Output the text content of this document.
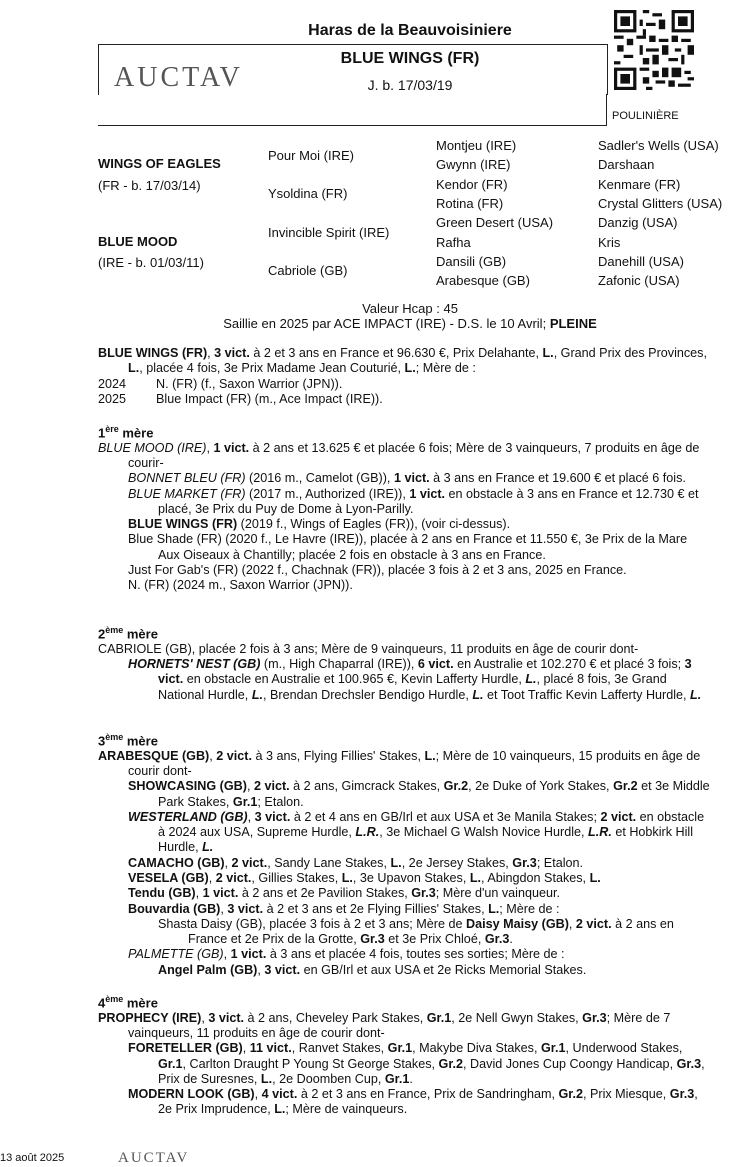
Haras de la Beauvoisiniere
AUCTAV
BLUE WINGS (FR)
J. b. 17/03/19
POULINIÈRE
WINGS OF EAGLES
(FR - b. 17/03/14)
BLUE MOOD
(IRE - b. 01/03/11)
Pour Moi (IRE)
Ysoldina (FR)
Invincible Spirit (IRE)
Cabriole (GB)
Montjeu (IRE)
Gwynn (IRE)
Kendor (FR)
Rotina (FR)
Green Desert (USA)
Rafha
Dansili (GB)
Arabesque (GB)
Sadler's Wells (USA)
Darshaan
Kenmare (FR)
Crystal Glitters (USA)
Danzig (USA)
Kris
Danehill (USA)
Zafonic (USA)
Valeur Hcap : 45
Saillie en 2025 par ACE IMPACT (IRE) - D.S. le 10 Avril; PLEINE

BLUE WINGS (FR), 3 vict. à 2 et 3 ans en France et 96.630 €, Prix Delahante, L., Grand Prix des Provinces, L., placée 4 fois, 3e Prix Madame Jean Couturié, L.; Mère de :

2024 N. (FR) (f., Saxon Warrior (JPN)).

2025 Blue Impact (FR) (m., Ace Impact (IRE)).

1ère mère

BLUE MOOD (IRE), 1 vict. à 2 ans et 13.625 € et placée 6 fois; Mère de 3 vainqueurs, 7 produits en âge de courir-

BONNET BLEU (FR) (2016 m., Camelot (GB)), 1 vict. à 3 ans en France et 19.600 € et placé 6 fois.

BLUE MARKET (FR) (2017 m., Authorized (IRE)), 1 vict. en obstacle à 3 ans en France et 12.730 € et placé, 3e Prix du Puy de Dome à Lyon-Parilly.

BLUE WINGS (FR) (2019 f., Wings of Eagles (FR)), (voir ci-dessus).

Blue Shade (FR) (2020 f., Le Havre (IRE)), placée à 2 ans en France et 11.550 €, 3e Prix de la Mare Aux Oiseaux à Chantilly; placée 2 fois en obstacle à 3 ans en France.

Just For Gab's (FR) (2022 f., Chachnak (FR)), placée 3 fois à 2 et 3 ans, 2025 en France.

N. (FR) (2024 m., Saxon Warrior (JPN)).

2ème mère

CABRIOLE (GB), placée 2 fois à 3 ans; Mère de 9 vainqueurs, 11 produits en âge de courir dont-

HORNETS' NEST (GB) (m., High Chaparral (IRE)), 6 vict. en Australie et 102.270 € et placé 3 fois; 3 vict. en obstacle en Australie et 100.965 €, Kevin Lafferty Hurdle, L., placé 8 fois, 3e Grand National Hurdle, L., Brendan Drechsler Bendigo Hurdle, L. et Toot Traffic Kevin Lafferty Hurdle, L.

3ème mère

ARABESQUE (GB), 2 vict. à 3 ans, Flying Fillies' Stakes, L.; Mère de 10 vainqueurs, 15 produits en âge de courir dont-

SHOWCASING (GB), 2 vict. à 2 ans, Gimcrack Stakes, Gr.2, 2e Duke of York Stakes, Gr.2 et 3e Middle Park Stakes, Gr.1; Etalon.

WESTERLAND (GB), 3 vict. à 2 et 4 ans en GB/Irl et aux USA et 3e Manila Stakes; 2 vict. en obstacle à 2024 aux USA, Supreme Hurdle, L.R., 3e Michael G Walsh Novice Hurdle, L.R. et Hobkirk Hill Hurdle, L.

CAMACHO (GB), 2 vict., Sandy Lane Stakes, L., 2e Jersey Stakes, Gr.3; Etalon.

VESELA (GB), 2 vict., Gillies Stakes, L., 3e Upavon Stakes, L., Abingdon Stakes, L.

Tendu (GB), 1 vict. à 2 ans et 2e Pavilion Stakes, Gr.3; Mère d'un vainqueur.

Bouvardia (GB), 3 vict. à 2 et 3 ans et 2e Flying Fillies' Stakes, L.; Mère de :

Shasta Daisy (GB), placée 3 fois à 2 et 3 ans; Mère de Daisy Maisy (GB), 2 vict. à 2 ans en France et 2e Prix de la Grotte, Gr.3 et 3e Prix Chloé, Gr.3.

PALMETTE (GB), 1 vict. à 3 ans et placée 4 fois, toutes ses sorties; Mère de :

Angel Palm (GB), 3 vict. en GB/Irl et aux USA et 2e Ricks Memorial Stakes.

4ème mère

PROPHECY (IRE), 3 vict. à 2 ans, Cheveley Park Stakes, Gr.1, 2e Nell Gwyn Stakes, Gr.3; Mère de 7 vainqueurs, 11 produits en âge de courir dont-

FORETELLER (GB), 11 vict., Ranvet Stakes, Gr.1, Makybe Diva Stakes, Gr.1, Underwood Stakes, Gr.1, Carlton Draught P Young St George Stakes, Gr.2, David Jones Cup Coongy Handicap, Gr.3, Prix de Suresnes, L., 2e Doomben Cup, Gr.1.

MODERN LOOK (GB), 4 vict. à 2 et 3 ans en France, Prix de Sandringham, Gr.2, Prix Miesque, Gr.3, 2e Prix Imprudence, L.; Mère de vainqueurs.

13 août 2025	AUCTAV
